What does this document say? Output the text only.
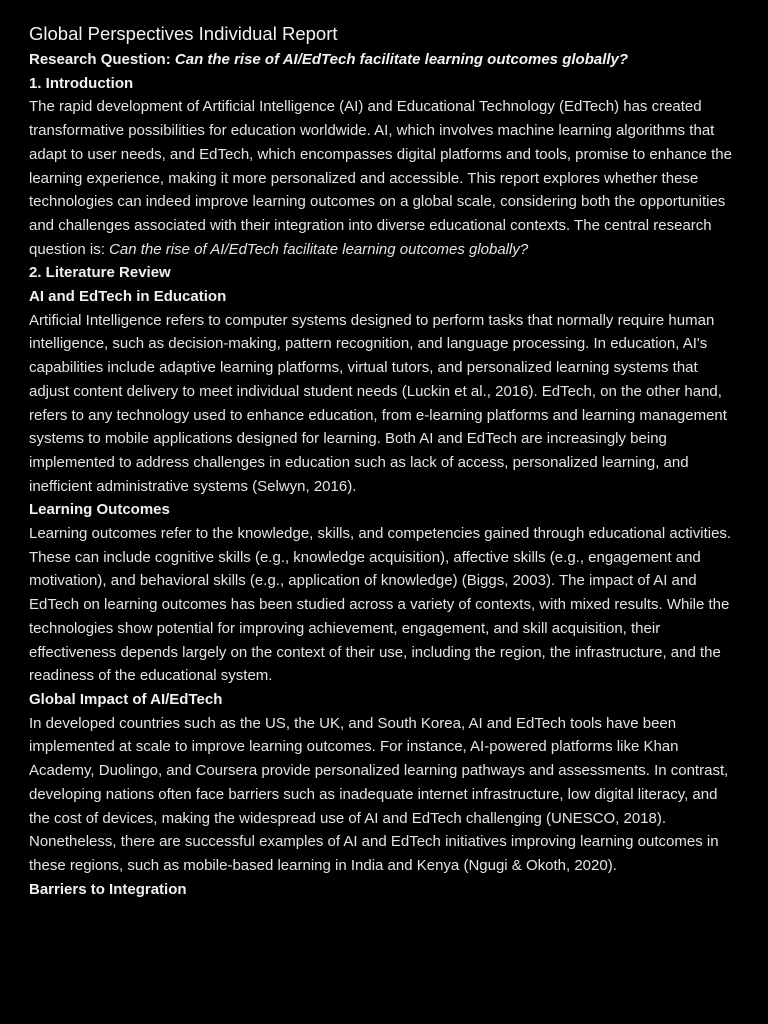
Global Perspectives Individual Report

Research Question: Can the rise of AI/EdTech facilitate learning outcomes globally?

1. Introduction

The rapid development of Artificial Intelligence (AI) and Educational Technology (EdTech) has created transformative possibilities for education worldwide. AI, which involves machine learning algorithms that adapt to user needs, and EdTech, which encompasses digital platforms and tools, promise to enhance the learning experience, making it more personalized and accessible. This report explores whether these technologies can indeed improve learning outcomes on a global scale, considering both the opportunities and challenges associated with their integration into diverse educational contexts. The central research question is: Can the rise of AI/EdTech facilitate learning outcomes globally?

2. Literature Review

AI and EdTech in Education

Artificial Intelligence refers to computer systems designed to perform tasks that normally require human intelligence, such as decision-making, pattern recognition, and language processing. In education, AI's capabilities include adaptive learning platforms, virtual tutors, and personalized learning systems that adjust content delivery to meet individual student needs (Luckin et al., 2016). EdTech, on the other hand, refers to any technology used to enhance education, from e-learning platforms and learning management systems to mobile applications designed for learning. Both AI and EdTech are increasingly being implemented to address challenges in education such as lack of access, personalized learning, and inefficient administrative systems (Selwyn, 2016).

Learning Outcomes

Learning outcomes refer to the knowledge, skills, and competencies gained through educational activities. These can include cognitive skills (e.g., knowledge acquisition), affective skills (e.g., engagement and motivation), and behavioral skills (e.g., application of knowledge) (Biggs, 2003). The impact of AI and EdTech on learning outcomes has been studied across a variety of contexts, with mixed results. While the technologies show potential for improving achievement, engagement, and skill acquisition, their effectiveness depends largely on the context of their use, including the region, the infrastructure, and the readiness of the educational system.

Global Impact of AI/EdTech

In developed countries such as the US, the UK, and South Korea, AI and EdTech tools have been implemented at scale to improve learning outcomes. For instance, AI-powered platforms like Khan Academy, Duolingo, and Coursera provide personalized learning pathways and assessments. In contrast, developing nations often face barriers such as inadequate internet infrastructure, low digital literacy, and the cost of devices, making the widespread use of AI and EdTech challenging (UNESCO, 2018). Nonetheless, there are successful examples of AI and EdTech initiatives improving learning outcomes in these regions, such as mobile-based learning in India and Kenya (Ngugi & Okoth, 2020).

Barriers to Integration
